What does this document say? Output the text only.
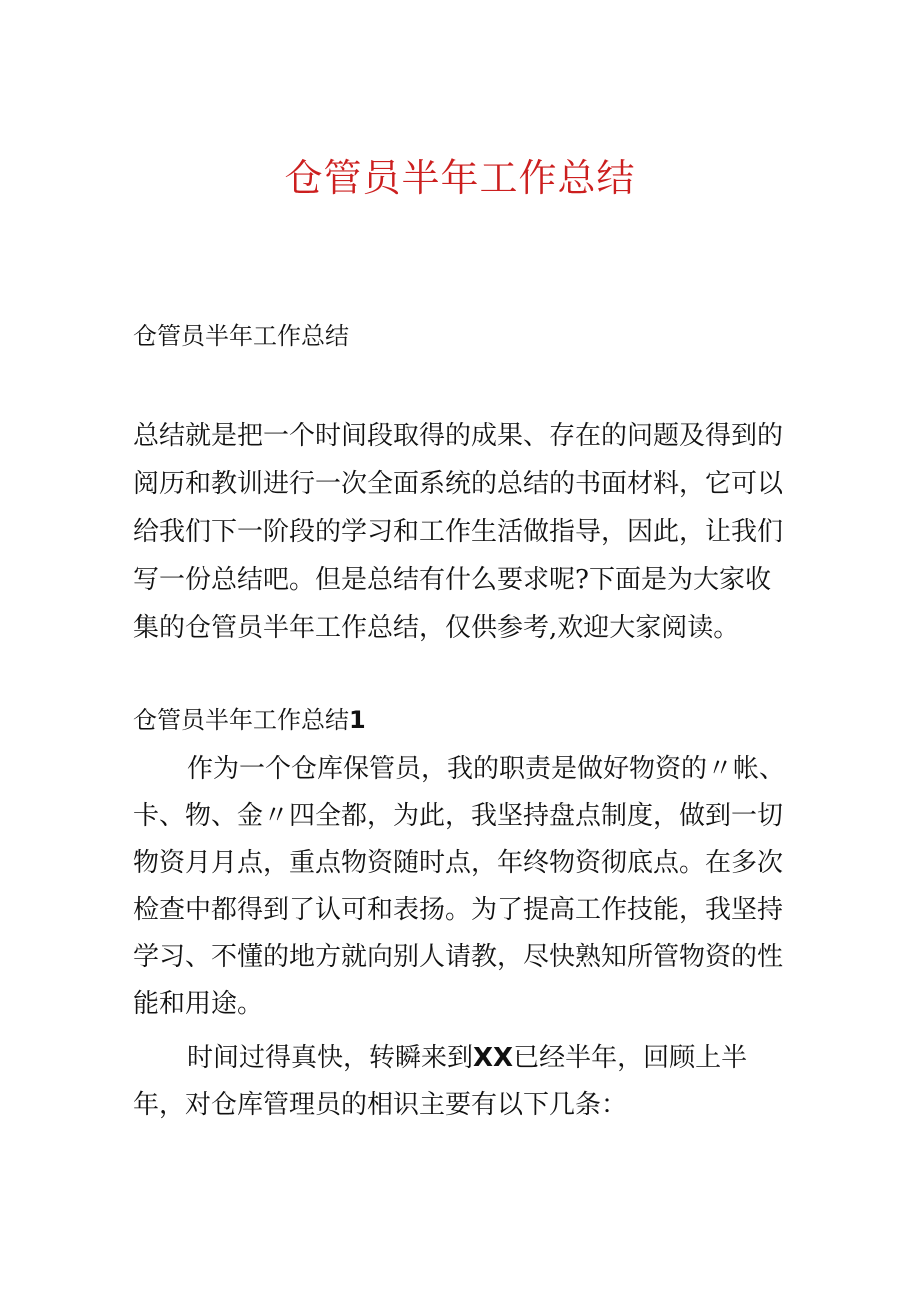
仓管员半年工作总结
仓管员半年工作总结

总结就是把一个时间段取得的成果、存在的问题及得到的阅历和教训进行一次全面系统的总结的书面材料，它可以给我们下一阶段的学习和工作生活做指导，因此，让我们写一份总结吧。但是总结有什么要求呢?下面是为大家收集的仓管员半年工作总结，仅供参考,欢迎大家阅读。

仓管员半年工作总结1

作为一个仓库保管员，我的职责是做好物资的〃帐、卡、物、金〃四全都，为此，我坚持盘点制度，做到一切物资月月点，重点物资随时点，年终物资彻底点。在多次检查中都得到了认可和表扬。为了提高工作技能，我坚持学习、不懂的地方就向别人请教，尽快熟知所管物资的性能和用途。

时间过得真快，转瞬来到XX已经半年，回顾上半年，对仓库管理员的相识主要有以下几条：
